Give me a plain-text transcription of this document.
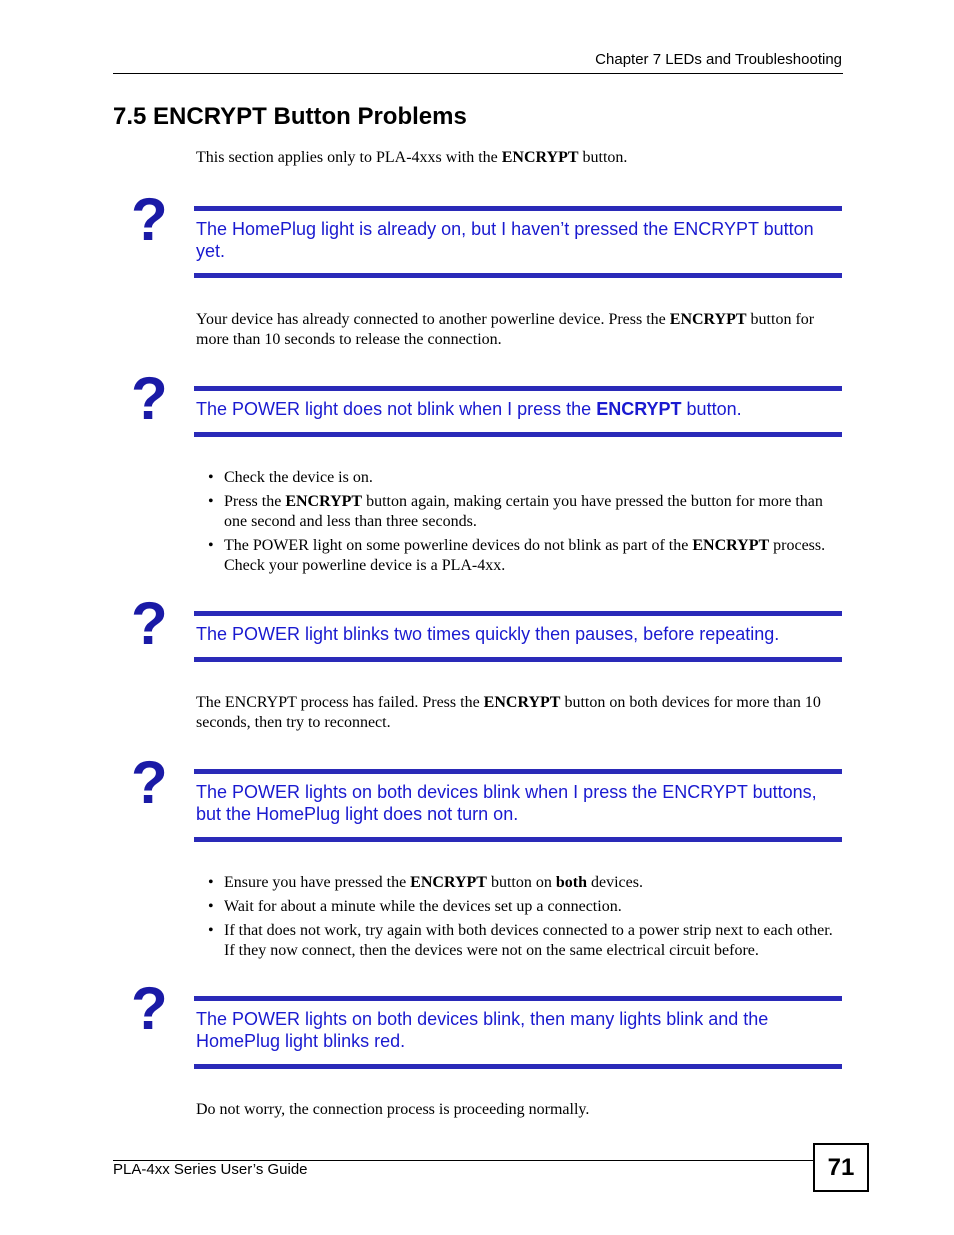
Chapter 7 LEDs and Troubleshooting
7.5 ENCRYPT Button Problems
This section applies only to PLA-4xxs with the ENCRYPT button.
? The HomePlug light is already on, but I haven’t pressed the ENCRYPT button yet.
Your device has already connected to another powerline device. Press the ENCRYPT button for more than 10 seconds to release the connection.
? The POWER light does not blink when I press the ENCRYPT button.
• Check the device is on.
• Press the ENCRYPT button again, making certain you have pressed the button for more than one second and less than three seconds.
• The POWER light on some powerline devices do not blink as part of the ENCRYPT process. Check your powerline device is a PLA-4xx.
? The POWER light blinks two times quickly then pauses, before repeating.
The ENCRYPT process has failed. Press the ENCRYPT button on both devices for more than 10 seconds, then try to reconnect.
? The POWER lights on both devices blink when I press the ENCRYPT buttons, but the HomePlug light does not turn on.
• Ensure you have pressed the ENCRYPT button on both devices.
• Wait for about a minute while the devices set up a connection.
• If that does not work, try again with both devices connected to a power strip next to each other. If they now connect, then the devices were not on the same electrical circuit before.
? The POWER lights on both devices blink, then many lights blink and the HomePlug light blinks red.
Do not worry, the connection process is proceeding normally.
PLA-4xx Series User’s Guide	71
